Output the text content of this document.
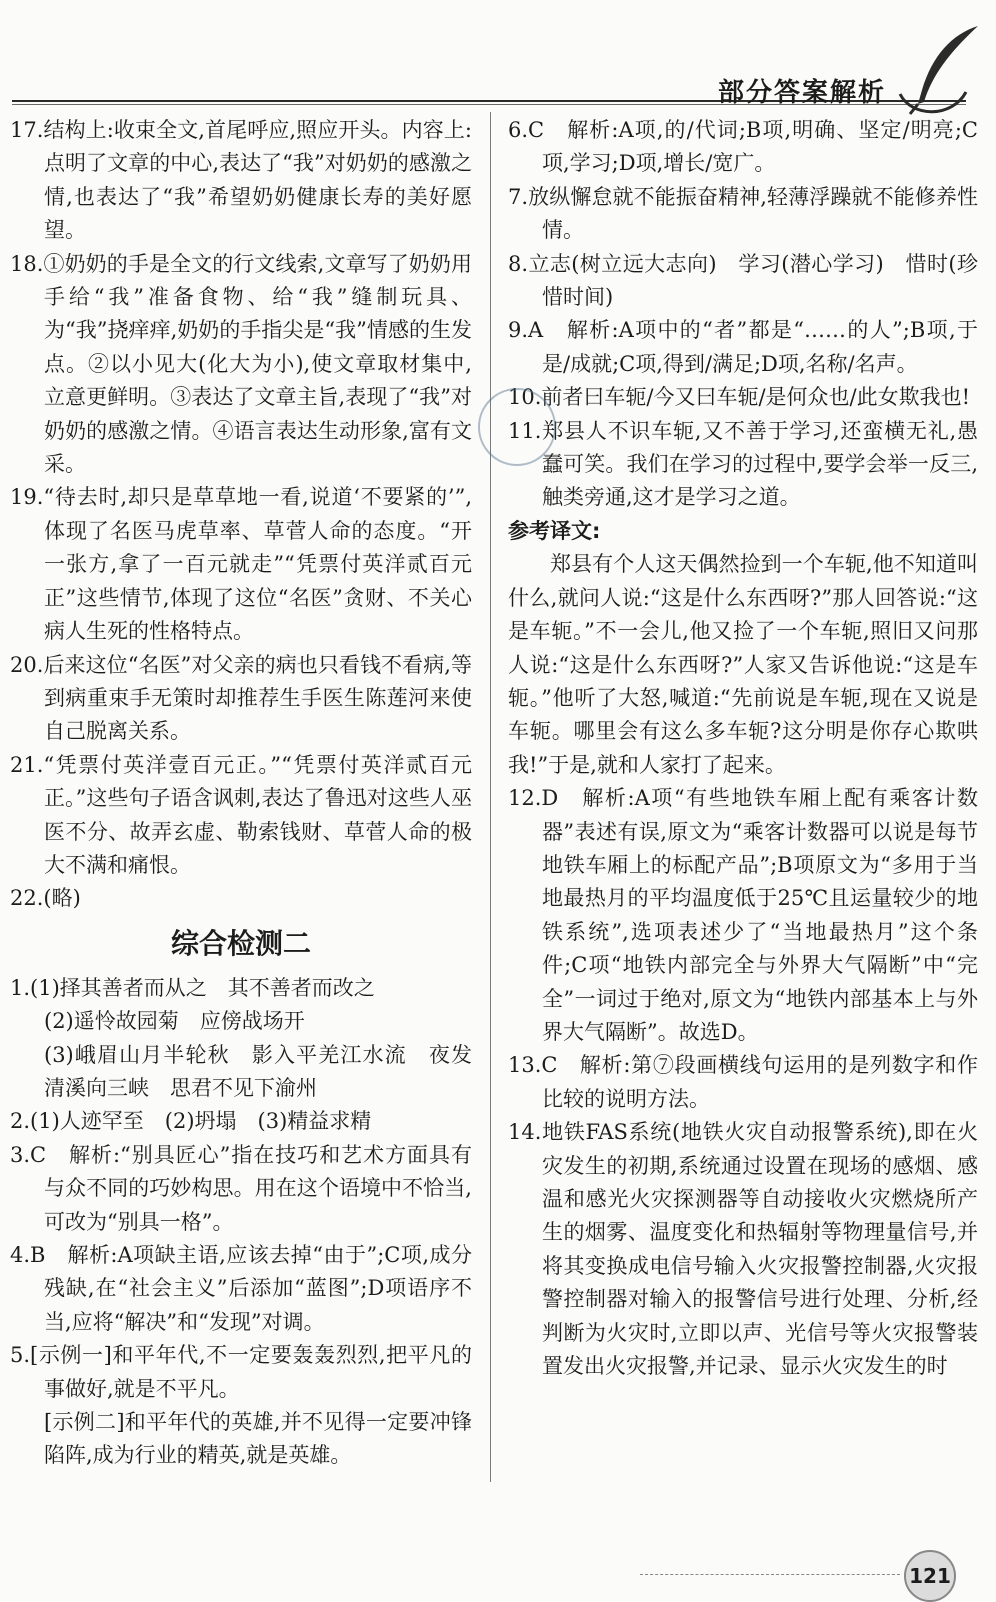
部分答案解析

17.结构上:收束全文,首尾呼应,照应开头。内容上:点明了文章的中心,表达了“我”对奶奶的感激之情,也表达了“我”希望奶奶健康长寿的美好愿望。

18.①奶奶的手是全文的行文线索,文章写了奶奶用手给“我”准备食物、给“我”缝制玩具、为“我”挠痒痒,奶奶的手指尖是“我”情感的生发点。②以小见大(化大为小),使文章取材集中,立意更鲜明。③表达了文章主旨,表现了“我”对奶奶的感激之情。④语言表达生动形象,富有文采。

19.“待去时,却只是草草地一看,说道‘不要紧的’”,体现了名医马虎草率、草菅人命的态度。“开一张方,拿了一百元就走”“凭票付英洋贰百元正”这些情节,体现了这位“名医”贪财、不关心病人生死的性格特点。

20.后来这位“名医”对父亲的病也只看钱不看病,等到病重束手无策时却推荐生手医生陈莲河来使自己脱离关系。

21.“凭票付英洋壹百元正。”“凭票付英洋贰百元正。”这些句子语含讽刺,表达了鲁迅对这些人巫医不分、故弄玄虚、勒索钱财、草菅人命的极大不满和痛恨。

22.(略)

综合检测二

1.(1)择其善者而从之　其不善者而改之

(2)遥怜故园菊　应傍战场开

(3)峨眉山月半轮秋　影入平羌江水流　夜发清溪向三峡　思君不见下渝州

2.(1)人迹罕至　(2)坍塌　(3)精益求精

3.C　解析:“别具匠心”指在技巧和艺术方面具有与众不同的巧妙构思。用在这个语境中不恰当,可改为“别具一格”。

4.B　解析:A项缺主语,应该去掉“由于”;C项,成分残缺,在“社会主义”后添加“蓝图”;D项语序不当,应将“解决”和“发现”对调。

5.[示例一]和平年代,不一定要轰轰烈烈,把平凡的事做好,就是不平凡。

[示例二]和平年代的英雄,并不见得一定要冲锋陷阵,成为行业的精英,就是英雄。

6.C　解析:A项,的/代词;B项,明确、坚定/明亮;C项,学习;D项,增长/宽广。

7.放纵懈怠就不能振奋精神,轻薄浮躁就不能修养性情。

8.立志(树立远大志向)　学习(潜心学习)　惜时(珍惜时间)

9.A　解析:A项中的“者”都是“……的人”;B项,于是/成就;C项,得到/满足;D项,名称/名声。

10.前者曰车轭/今又曰车轭/是何众也/此女欺我也!

11.郑县人不识车轭,又不善于学习,还蛮横无礼,愚蠢可笑。我们在学习的过程中,要学会举一反三,触类旁通,这才是学习之道。

参考译文:

郑县有个人这天偶然捡到一个车轭,他不知道叫什么,就问人说:“这是什么东西呀?”那人回答说:“这是车轭。”不一会儿,他又捡了一个车轭,照旧又问那人说:“这是什么东西呀?”人家又告诉他说:“这是车轭。”他听了大怒,喊道:“先前说是车轭,现在又说是车轭。哪里会有这么多车轭?这分明是你存心欺哄我!”于是,就和人家打了起来。

12.D　解析:A项“有些地铁车厢上配有乘客计数器”表述有误,原文为“乘客计数器可以说是每节地铁车厢上的标配产品”;B项原文为“多用于当地最热月的平均温度低于25℃且运量较少的地铁系统”,选项表述少了“当地最热月”这个条件;C项“地铁内部完全与外界大气隔断”中“完全”一词过于绝对,原文为“地铁内部基本上与外界大气隔断”。故选D。

13.C　解析:第⑦段画横线句运用的是列数字和作比较的说明方法。

14.地铁FAS系统(地铁火灾自动报警系统),即在火灾发生的初期,系统通过设置在现场的感烟、感温和感光火灾探测器等自动接收火灾燃烧所产生的烟雾、温度变化和热辐射等物理量信号,并将其变换成电信号输入火灾报警控制器,火灾报警控制器对输入的报警信号进行处理、分析,经判断为火灾时,立即以声、光信号等火灾报警装置发出火灾报警,并记录、显示火灾发生的时

121
